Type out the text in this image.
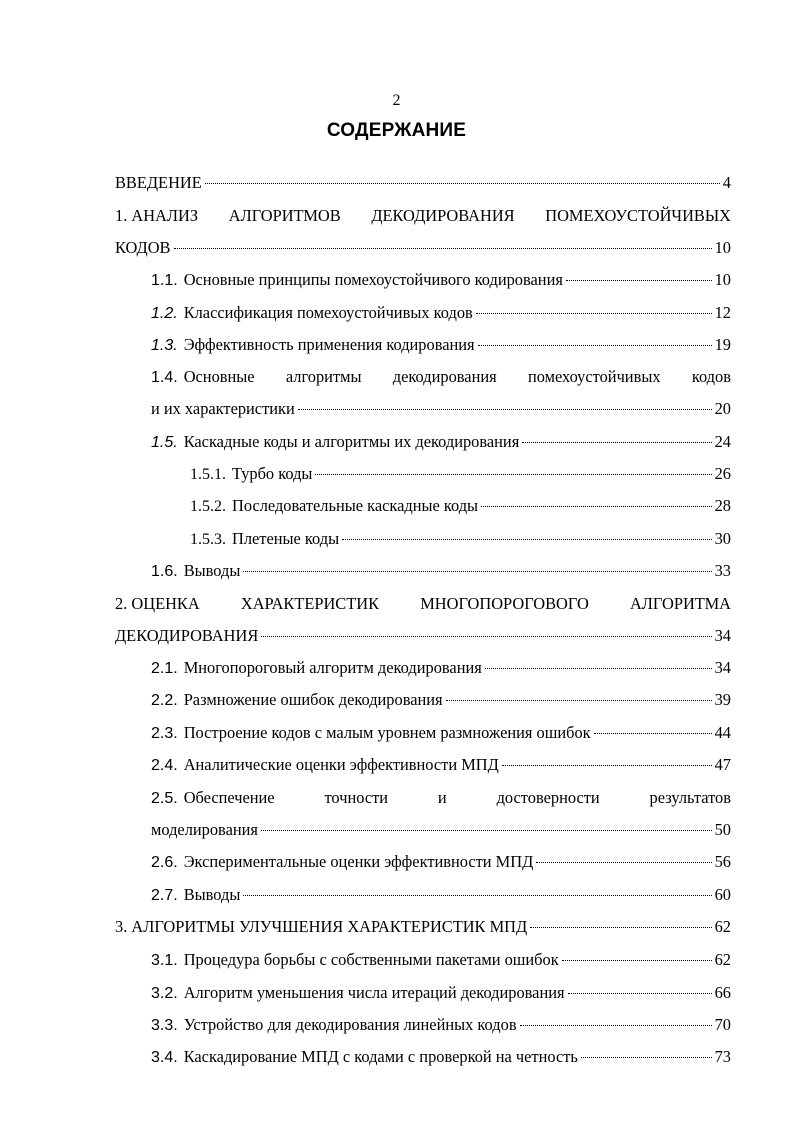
2
СОДЕРЖАНИЕ
ВВЕДЕНИЕ	4
1. АНАЛИЗ АЛГОРИТМОВ ДЕКОДИРОВАНИЯ ПОМЕХОУСТОЙЧИВЫХ
КОДОВ	10
1.1. Основные принципы помехоустойчивого кодирования	10
1.2. Классификация помехоустойчивых кодов	12
1.3. Эффективность применения кодирования	19
1.4. Основные алгоритмы декодирования помехоустойчивых кодов
и их характеристики	20
1.5. Каскадные коды и алгоритмы их декодирования	24
1.5.1. Турбо коды	26
1.5.2. Последовательные каскадные коды	28
1.5.3. Плетеные коды	30
1.6. Выводы	33
2. ОЦЕНКА	ХАРАКТЕРИСТИК	МНОГОПОРОГОВОГО	АЛГОРИТМА
ДЕКОДИРОВАНИЯ	34
2.1. Многопороговый алгоритм декодирования	34
2.2. Размножение ошибок декодирования	39
2.3. Построение кодов с малым уровнем размножения ошибок	44
2.4. Аналитические оценки эффективности МПД	47
2.5. Обеспечение	точности	и	достоверности	результатов
моделирования	50
2.6. Экспериментальные оценки эффективности МПД	56
2.7. Выводы	60
3. АЛГОРИТМЫ УЛУЧШЕНИЯ ХАРАКТЕРИСТИК МПД	62
3.1. Процедура борьбы с собственными пакетами ошибок	62
3.2. Алгоритм уменьшения числа итераций декодирования	66
3.3. Устройство для декодирования линейных кодов	70
3.4. Каскадирование МПД с кодами с проверкой на четность	73
